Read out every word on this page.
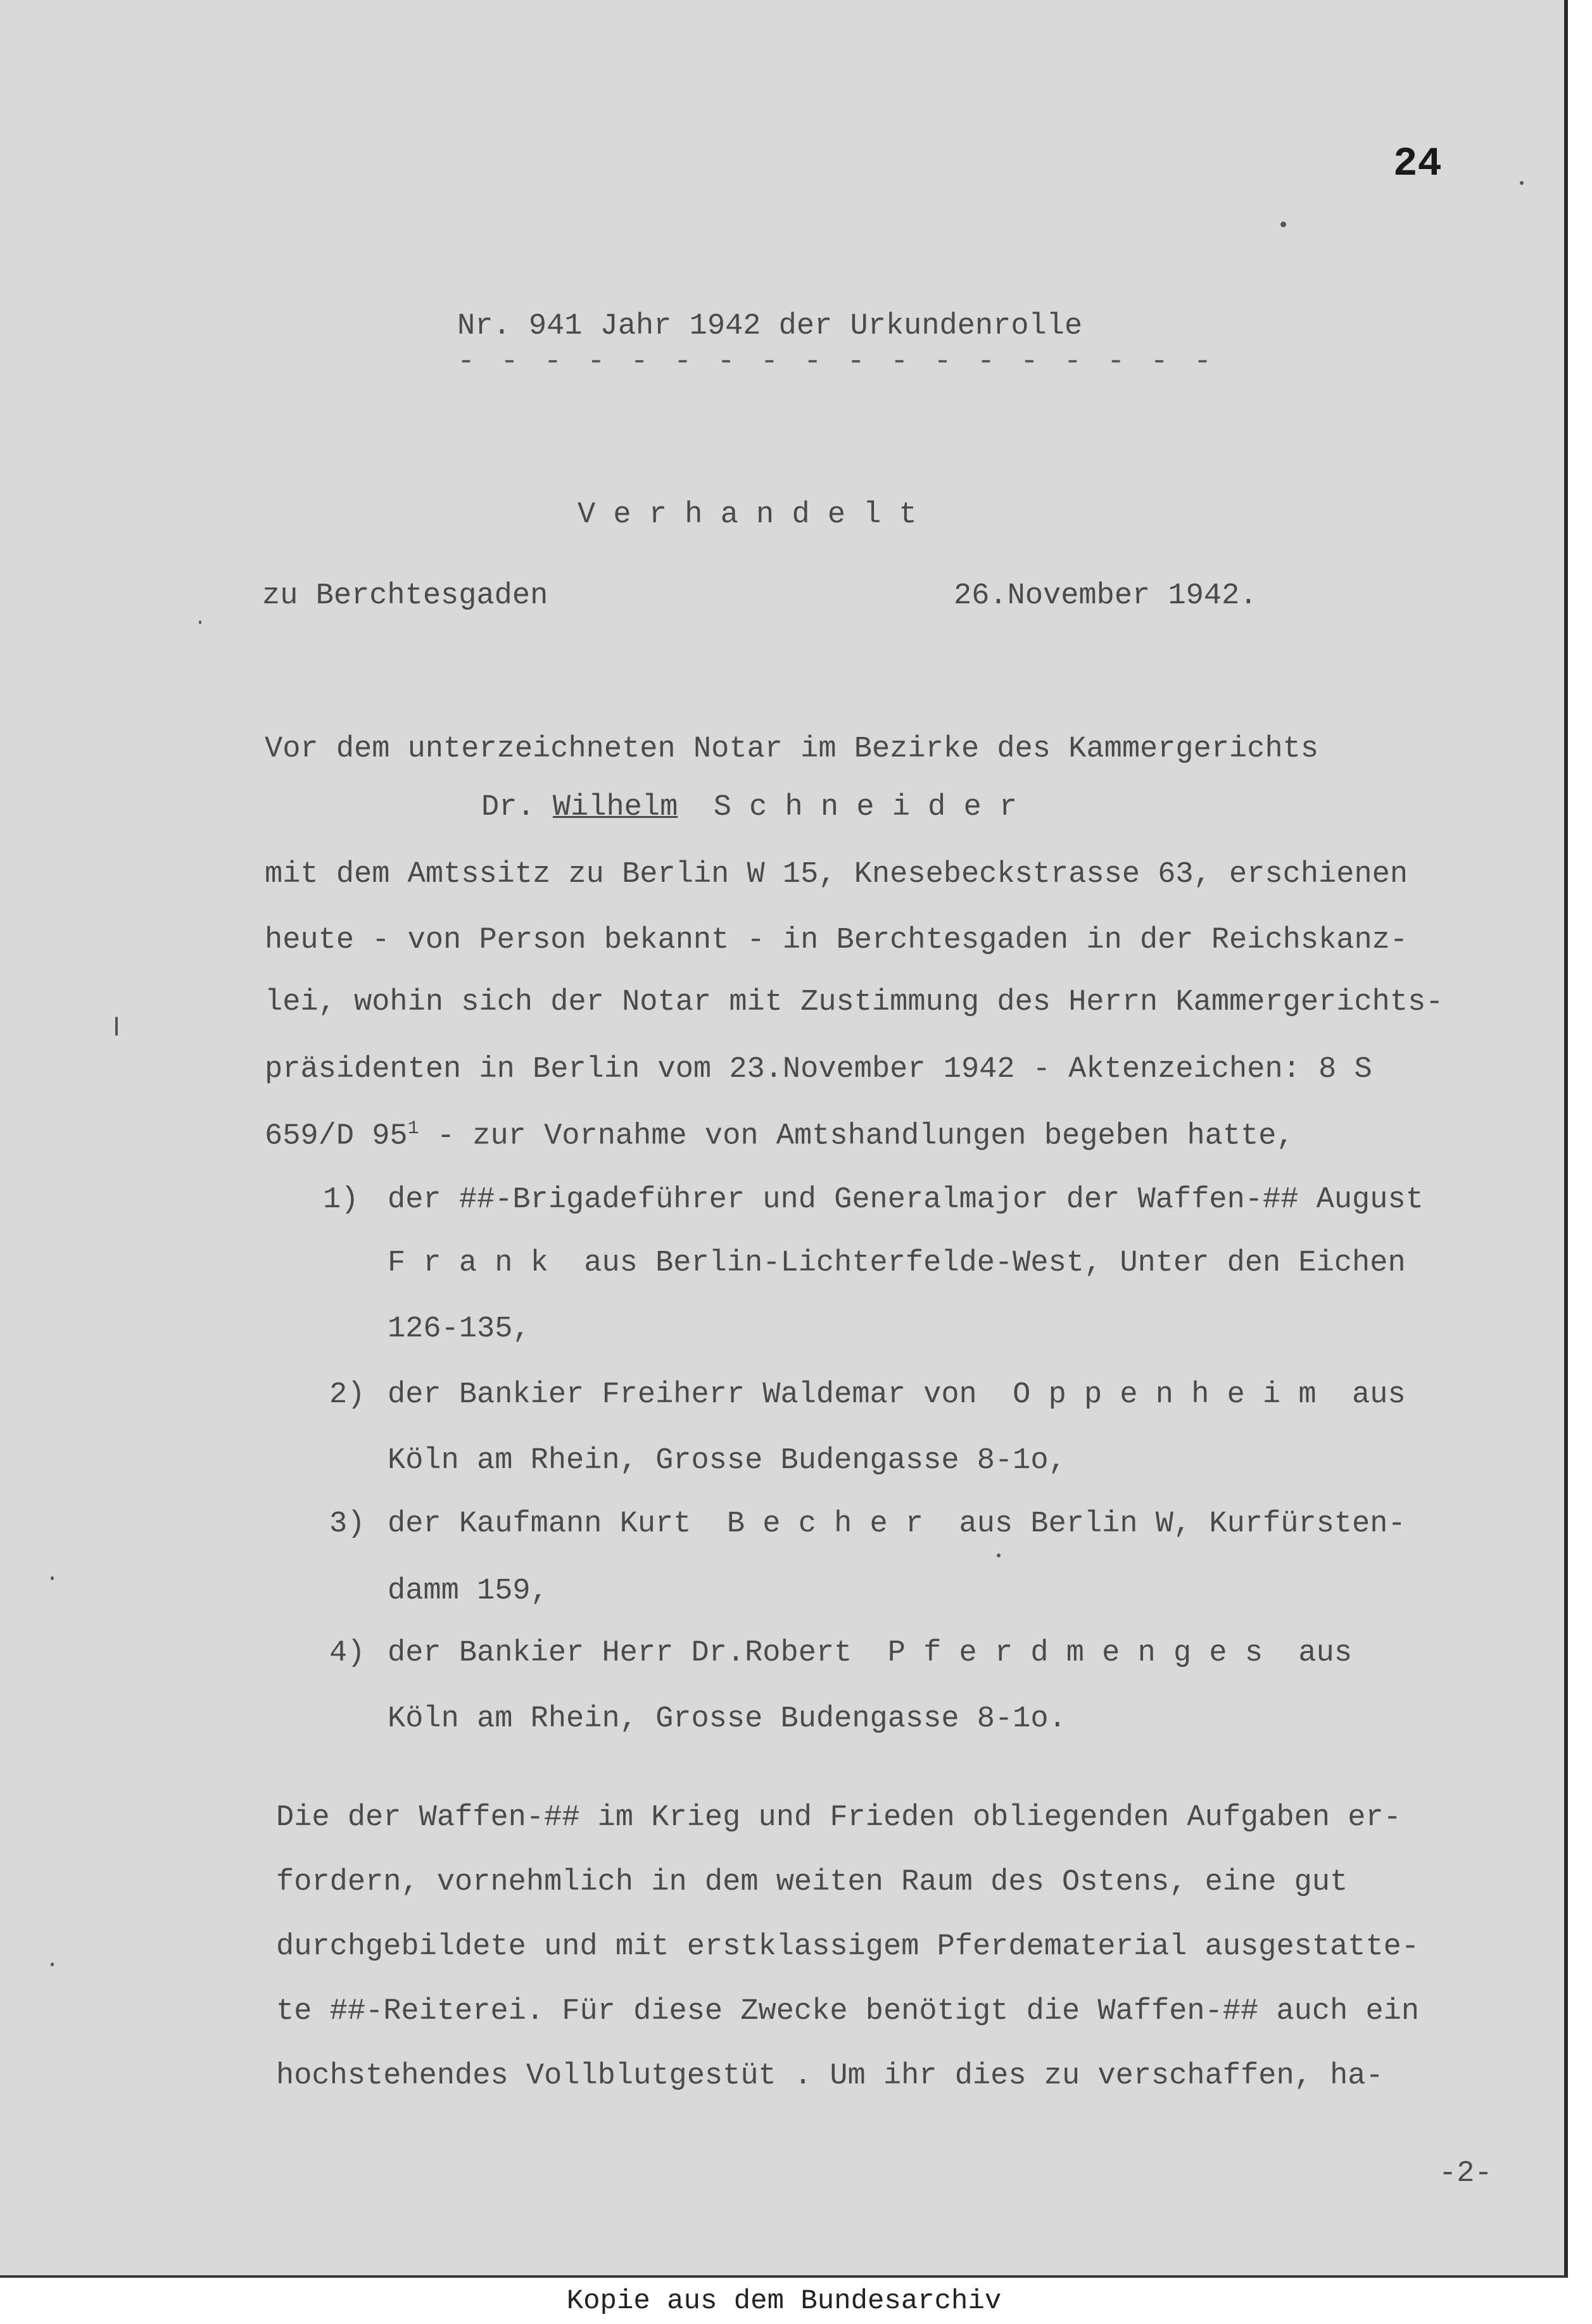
24
Nr. 941 Jahr 1942 der Urkundenrolle
- - - - - - - - - - - - - - - - - -
V e r h a n d e l t
zu Berchtesgaden	26.November 1942.
Vor dem unterzeichneten Notar im Bezirke des Kammergerichts
Dr. Wilhelm S c h n e i d e r
mit dem Amtssitz zu Berlin W 15, Knesebeckstrasse 63, erschienen
heute - von Person bekannt - in Berchtesgaden in der Reichskanz-
lei, wohin sich der Notar mit Zustimmung des Herrn Kammergerichts-
präsidenten in Berlin vom 23.November 1942 - Aktenzeichen: 8 S
659/D $95^1$ - zur Vornahme von Amtshandlungen begeben hatte,
1) der ##-Brigadeführer und Generalmajor der Waffen-## August
F r a n k  aus Berlin-Lichterfelde-West, Unter den Eichen
126-135,
2) der Bankier Freiherr Waldemar von  O p p e n h e i m  aus
Köln am Rhein, Grosse Budengasse 8-1o,
3) der Kaufmann Kurt  B e c h e r  aus Berlin W, Kurfürsten-
damm 159,
4) der Bankier Herr Dr.Robert  P f e r d m e n g e s  aus
Köln am Rhein, Grosse Budengasse 8-1o.
Die der Waffen-## im Krieg und Frieden obliegenden Aufgaben er-
fordern, vornehmlich in dem weiten Raum des Ostens, eine gut
durchgebildete und mit erstklassigem Pferdematerial ausgestatte-
te ##-Reiterei. Für diese Zwecke benötigt die Waffen-## auch ein
hochstehendes Vollblutgestüt . Um ihr dies zu verschaffen, ha-
-2-
Kopie aus dem Bundesarchiv
